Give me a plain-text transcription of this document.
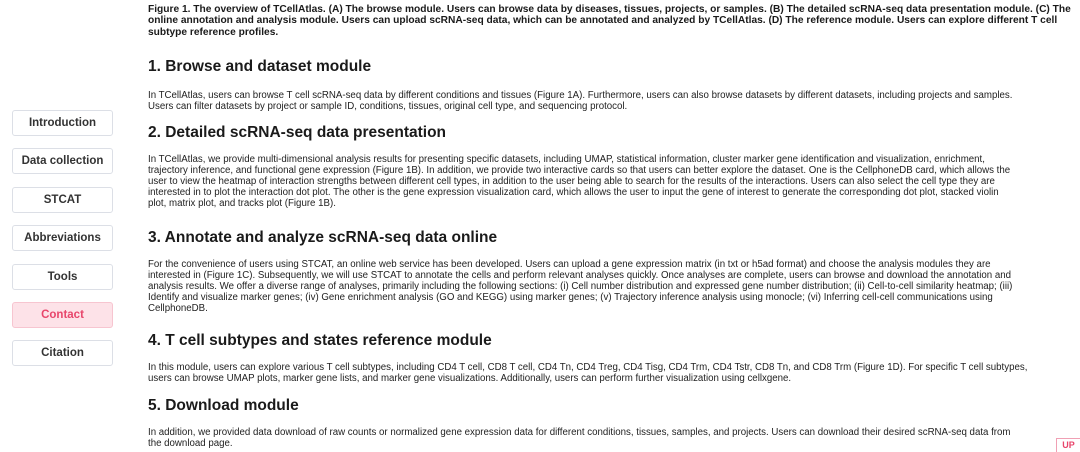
Introduction
Data collection
STCAT
Abbreviations
Tools
Contact
Citation

Figure 1. The overview of TCellAtlas. (A) The browse module. Users can browse data by diseases, tissues, projects, or samples. (B) The detailed scRNA-seq data presentation module. (C) The
online annotation and analysis module. Users can upload scRNA-seq data, which can be annotated and analyzed by TCellAtlas. (D) The reference module. Users can explore different T cell
subtype reference profiles.

1. Browse and dataset module

In TCellAtlas, users can browse T cell scRNA-seq data by different conditions and tissues (Figure 1A). Furthermore, users can also browse datasets by different datasets, including projects and samples.
Users can filter datasets by project or sample ID, conditions, tissues, original cell type, and sequencing protocol.

2. Detailed scRNA-seq data presentation

In TCellAtlas, we provide multi-dimensional analysis results for presenting specific datasets, including UMAP, statistical information, cluster marker gene identification and visualization, enrichment,
trajectory inference, and functional gene expression (Figure 1B). In addition, we provide two interactive cards so that users can better explore the dataset. One is the CellphoneDB card, which allows the
user to view the heatmap of interaction strengths between different cell types, in addition to the user being able to search for the results of the interactions. Users can also select the cell type they are
interested in to plot the interaction dot plot. The other is the gene expression visualization card, which allows the user to input the gene of interest to generate the corresponding dot plot, stacked violin
plot, matrix plot, and tracks plot (Figure 1B).

3. Annotate and analyze scRNA-seq data online

For the convenience of users using STCAT, an online web service has been developed. Users can upload a gene expression matrix (in txt or h5ad format) and choose the analysis modules they are
interested in (Figure 1C). Subsequently, we will use STCAT to annotate the cells and perform relevant analyses quickly. Once analyses are complete, users can browse and download the annotation and
analysis results. We offer a diverse range of analyses, primarily including the following sections: (i) Cell number distribution and expressed gene number distribution; (ii) Cell-to-cell similarity heatmap; (iii)
Identify and visualize marker genes; (iv) Gene enrichment analysis (GO and KEGG) using marker genes; (v) Trajectory inference analysis using monocle; (vi) Inferring cell-cell communications using
CellphoneDB.

4. T cell subtypes and states reference module

In this module, users can explore various T cell subtypes, including CD4 T cell, CD8 T cell, CD4 Tn, CD4 Treg, CD4 Tisg, CD4 Trm, CD4 Tstr, CD8 Tn, and CD8 Trm (Figure 1D). For specific T cell subtypes,
users can browse UMAP plots, marker gene lists, and marker gene visualizations. Additionally, users can perform further visualization using cellxgene.

5. Download module

In addition, we provided data download of raw counts or normalized gene expression data for different conditions, tissues, samples, and projects. Users can download their desired scRNA-seq data from
the download page.	UP
